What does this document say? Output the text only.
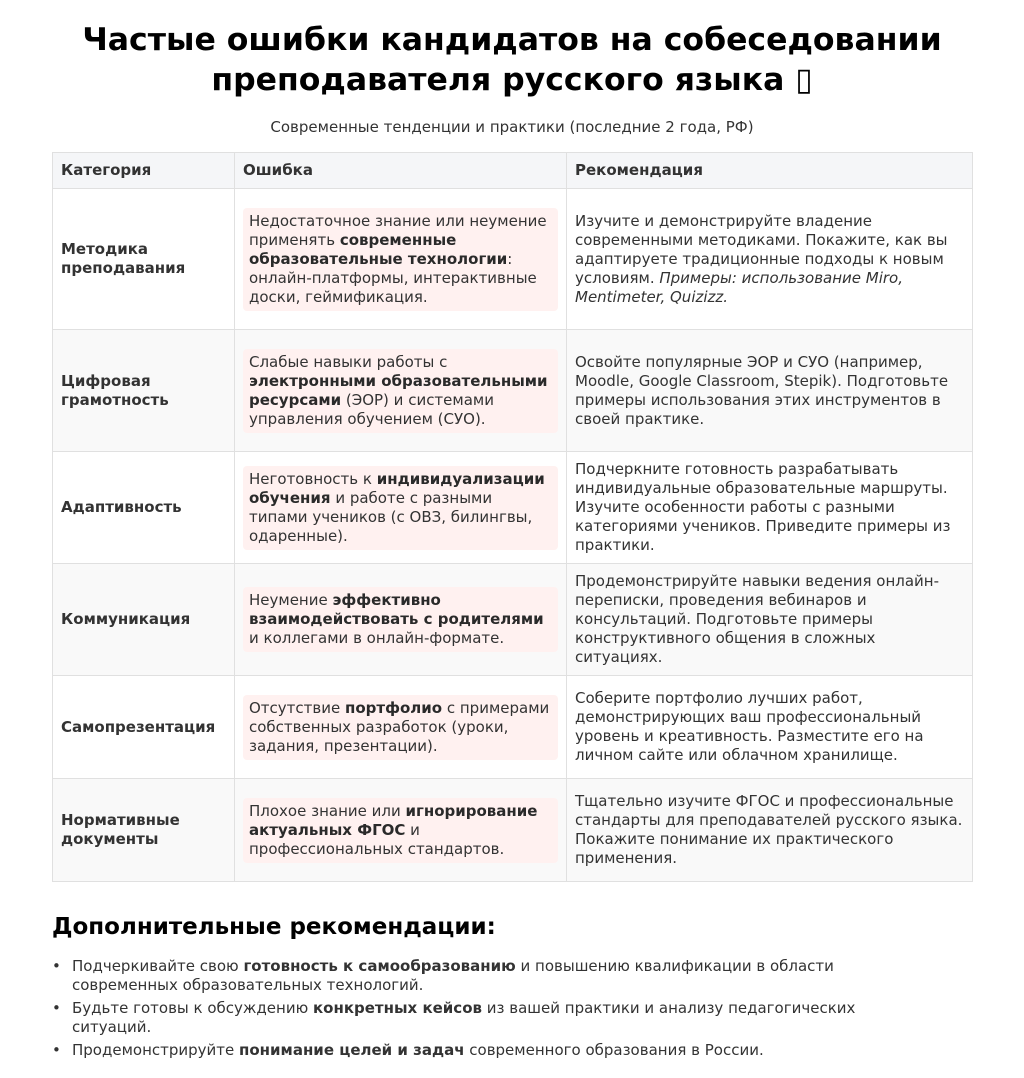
Частые ошибки кандидатов на собеседовании
преподавателя русского языка ▯
Современные тенденции и практики (последние 2 года, РФ)
Категория	Ошибка	Рекомендация
Методика преподавания	Недостаточное знание или неумение применять современные образовательные технологии: онлайн-платформы, интерактивные доски, геймификация.	Изучите и демонстрируйте владение современными методиками. Покажите, как вы адаптируете традиционные подходы к новым условиям. Примеры: использование Miro, Mentimeter, Quizizz.
Цифровая грамотность	Слабые навыки работы с электронными образовательными ресурсами (ЭОР) и системами управления обучением (СУО).	Освойте популярные ЭОР и СУО (например, Moodle, Google Classroom, Stepik). Подготовьте примеры использования этих инструментов в своей практике.
Адаптивность	Неготовность к индивидуализации обучения и работе с разными типами учеников (с ОВЗ, билингвы, одаренные).	Подчеркните готовность разрабатывать индивидуальные образовательные маршруты. Изучите особенности работы с разными категориями учеников. Приведите примеры из практики.
Коммуникация	Неумение эффективно взаимодействовать с родителями и коллегами в онлайн-формате.	Продемонстрируйте навыки ведения онлайн-переписки, проведения вебинаров и консультаций. Подготовьте примеры конструктивного общения в сложных ситуациях.
Самопрезентация	Отсутствие портфолио с примерами собственных разработок (уроки, задания, презентации).	Соберите портфолио лучших работ, демонстрирующих ваш профессиональный уровень и креативность. Разместите его на личном сайте или облачном хранилище.
Нормативные документы	Плохое знание или игнорирование актуальных ФГОС и профессиональных стандартов.	Тщательно изучите ФГОС и профессиональные стандарты для преподавателей русского языка. Покажите понимание их практического применения.
Дополнительные рекомендации:
• Подчеркивайте свою готовность к самообразованию и повышению квалификации в области современных образовательных технологий.
• Будьте готовы к обсуждению конкретных кейсов из вашей практики и анализу педагогических ситуаций.
• Продемонстрируйте понимание целей и задач современного образования в России.
